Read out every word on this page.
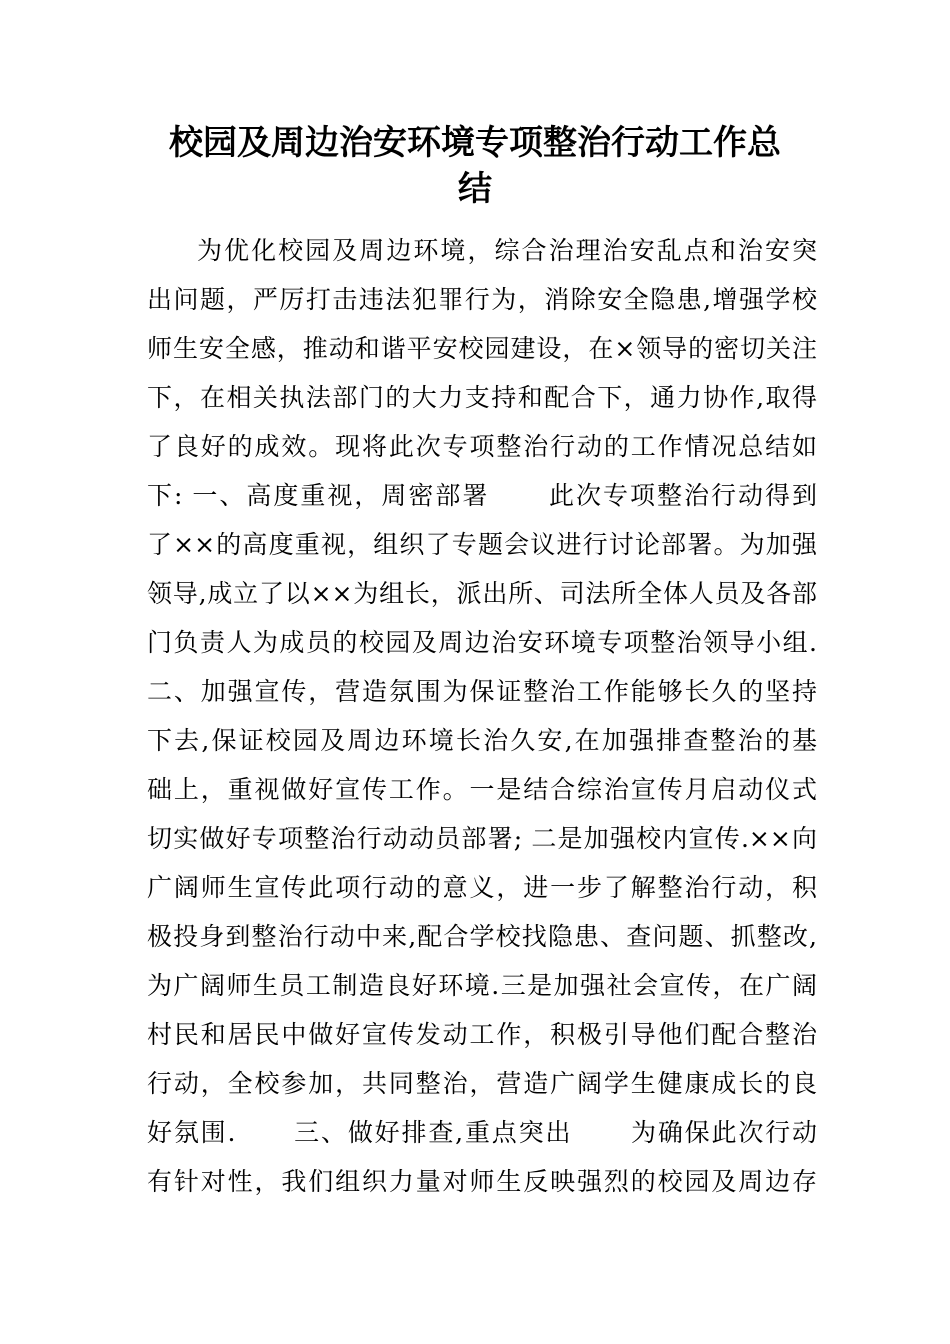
校园及周边治安环境专项整治行动工作总
结
为优化校园及周边环境，综合治理治安乱点和治安突
出问题，严厉打击违法犯罪行为，消除安全隐患,增强学校
师生安全感，推动和谐平安校园建设，在×领导的密切关注
下，在相关执法部门的大力支持和配合下，通力协作,取得
了良好的成效。现将此次专项整治行动的工作情况总结如
下: 一、高度重视，周密部署      此次专项整治行动得到
了××的高度重视，组织了专题会议进行讨论部署。为加强
领导,成立了以××为组长，派出所、司法所全体人员及各部
门负责人为成员的校园及周边治安环境专项整治领导小组.
二、加强宣传，营造氛围为保证整治工作能够长久的坚持
下去,保证校园及周边环境长治久安,在加强排查整治的基
础上，重视做好宣传工作。一是结合综治宣传月启动仪式
切实做好专项整治行动动员部署; 二是加强校内宣传.××向
广阔师生宣传此项行动的意义，进一步了解整治行动，积
极投身到整治行动中来,配合学校找隐患、查问题、抓整改,
为广阔师生员工制造良好环境.三是加强社会宣传，在广阔
村民和居民中做好宣传发动工作，积极引导他们配合整治
行动，全校参加，共同整治，营造广阔学生健康成长的良
好氛围.      三、做好排查,重点突出      为确保此次行动
有针对性，我们组织力量对师生反映强烈的校园及周边存
